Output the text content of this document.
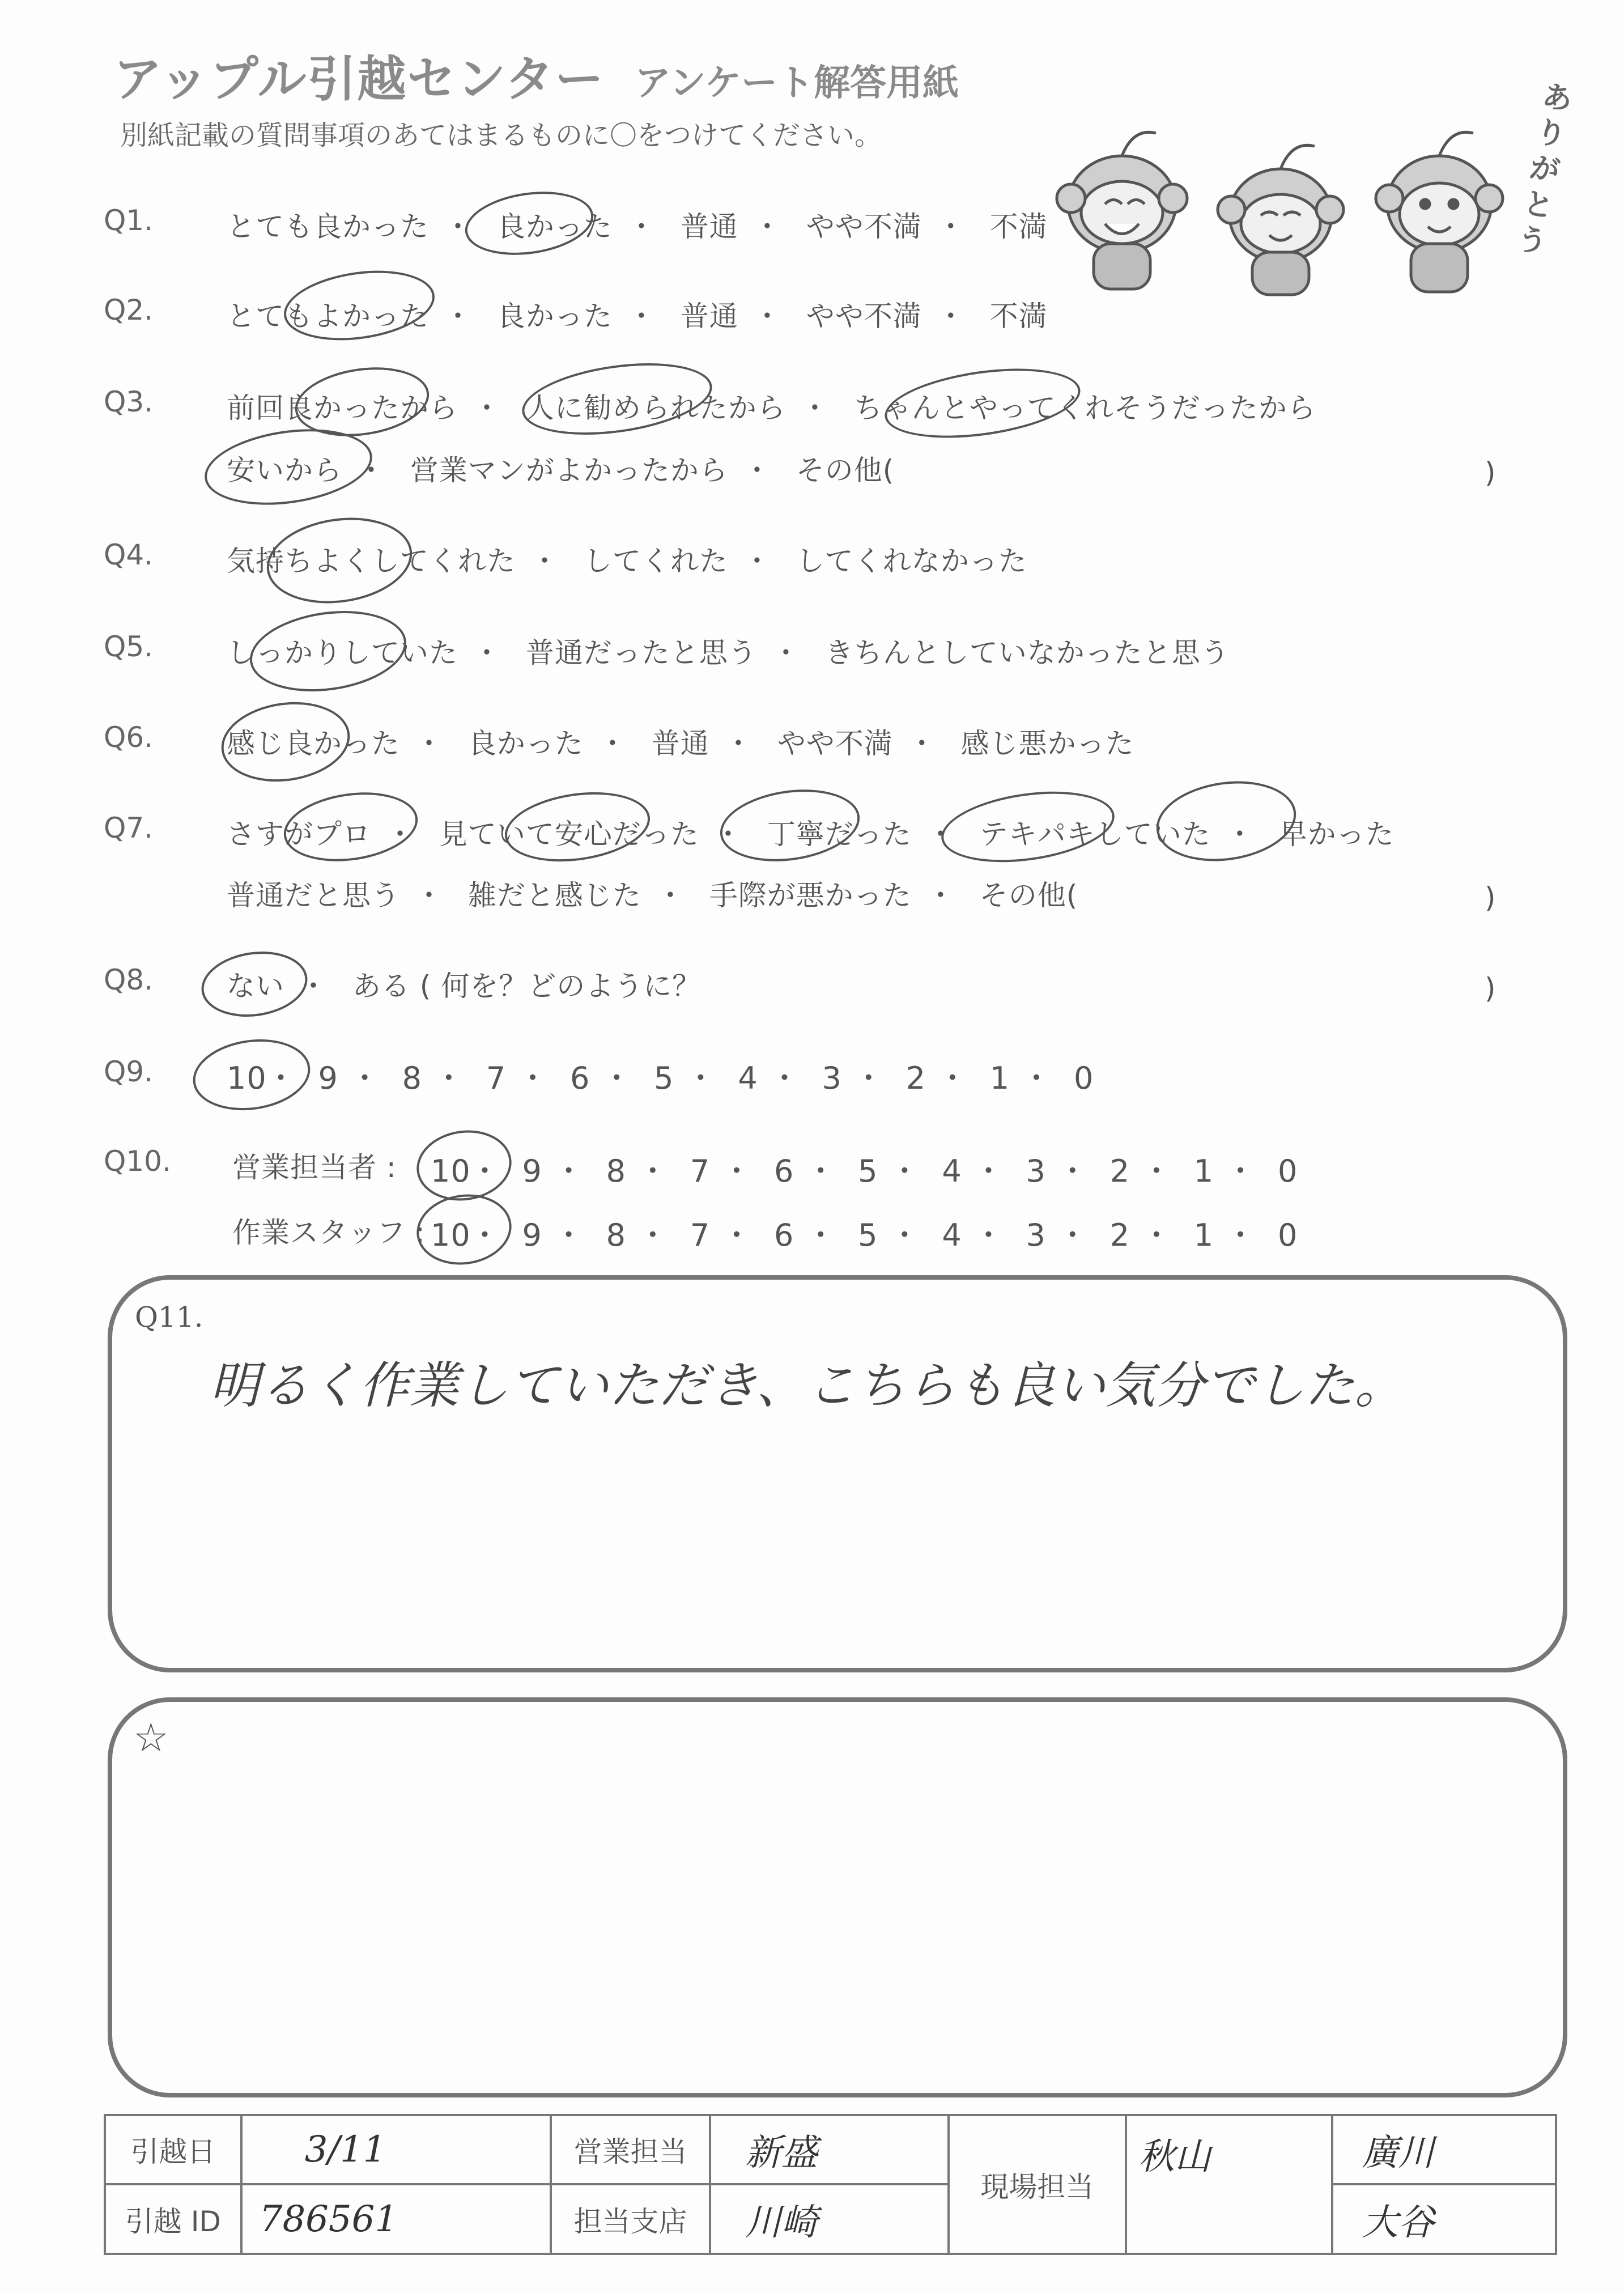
アップル引越センター アンケート解答用紙
別紙記載の質問事項のあてはまるものに〇をつけてください。
ありがとう
Q1.	とても良かった ・ 良かった ・ 普通 ・ やや不満 ・ 不満
Q2.	とてもよかった ・ 良かった ・ 普通 ・ やや不満 ・ 不満
Q3.	前回良かったから ・ 人に勧められたから ・ ちゃんとやってくれそうだったから
安いから ・ 営業マンがよかったから ・ その他(	)
Q4.	気持ちよくしてくれた ・ してくれた ・ してくれなかった
Q5.	しっかりしていた ・ 普通だったと思う ・ きちんとしていなかったと思う
Q6.	感じ良かった ・ 良かった ・ 普通 ・ やや不満 ・ 感じ悪かった
Q7.	さすがプロ ・ 見ていて安心だった ・ 丁寧だった ・ テキパキしていた ・ 早かった
普通だと思う ・ 雑だと感じた ・ 手際が悪かった ・ その他(	)
Q8.	ない ・ ある ( 何を？どのように？	)
Q9. 10・ 9 ・ 8 ・ 7 ・ 6 ・ 5 ・ 4 ・ 3 ・ 2 ・ 1 ・ 0
Q10. 営業担当者 : 10・ 9 ・ 8 ・ 7 ・ 6 ・ 5 ・ 4 ・ 3 ・ 2 ・ 1 ・ 0
作業スタッフ : 10・ 9 ・ 8 ・ 7 ・ 6 ・ 5 ・ 4 ・ 3 ・ 2 ・ 1 ・ 0
Q11.
明るく作業していただき、こちらも良い気分でした。
☆
引越日	3/11	営業担当	新盛	現場担当	秋山	廣川
引越 ID	786561	担当支店	川崎			大谷
